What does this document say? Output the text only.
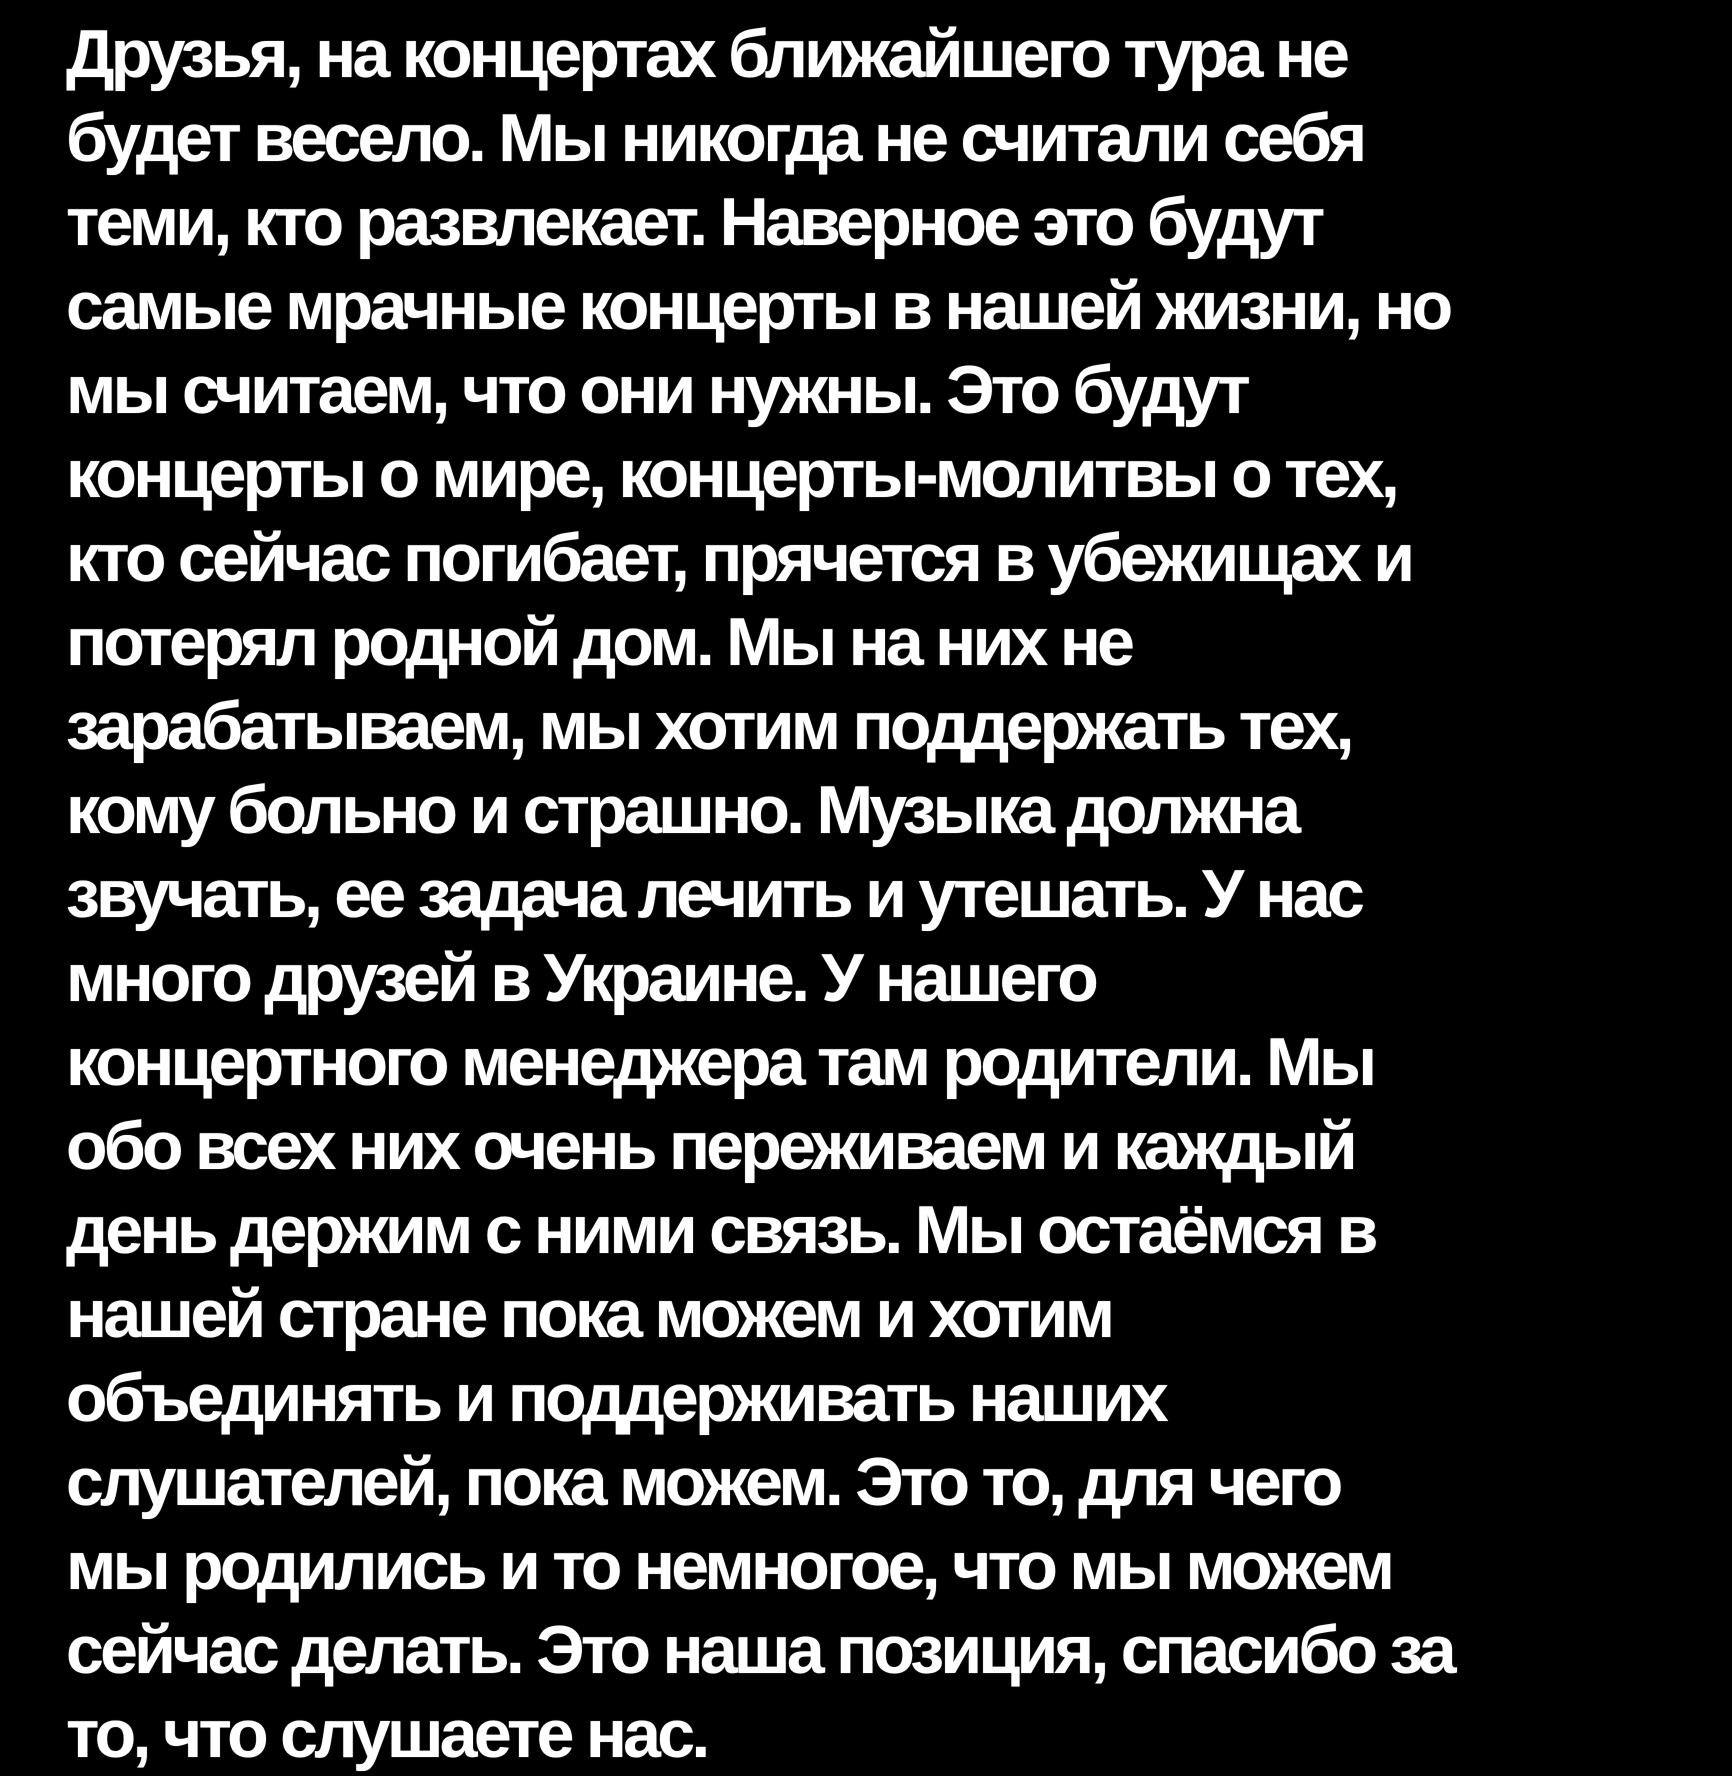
Друзья, на концертах ближайшего тура не
будет весело. Мы никогда не считали себя
теми, кто развлекает. Наверное это будут
самые мрачные концерты в нашей жизни, но
мы считаем, что они нужны. Это будут
концерты о мире, концерты-молитвы о тех,
кто сейчас погибает, прячется в убежищах и
потерял родной дом. Мы на них не
зарабатываем, мы хотим поддержать тех,
кому больно и страшно. Музыка должна
звучать, ее задача лечить и утешать. У нас
много друзей в Украине. У нашего
концертного менеджера там родители. Мы
обо всех них очень переживаем и каждый
день держим с ними связь. Мы остаёмся в
нашей стране пока можем и хотим
объединять и поддерживать наших
слушателей, пока можем. Это то, для чего
мы родились и то немногое, что мы можем
сейчас делать. Это наша позиция, спасибо за
то, что слушаете нас.
